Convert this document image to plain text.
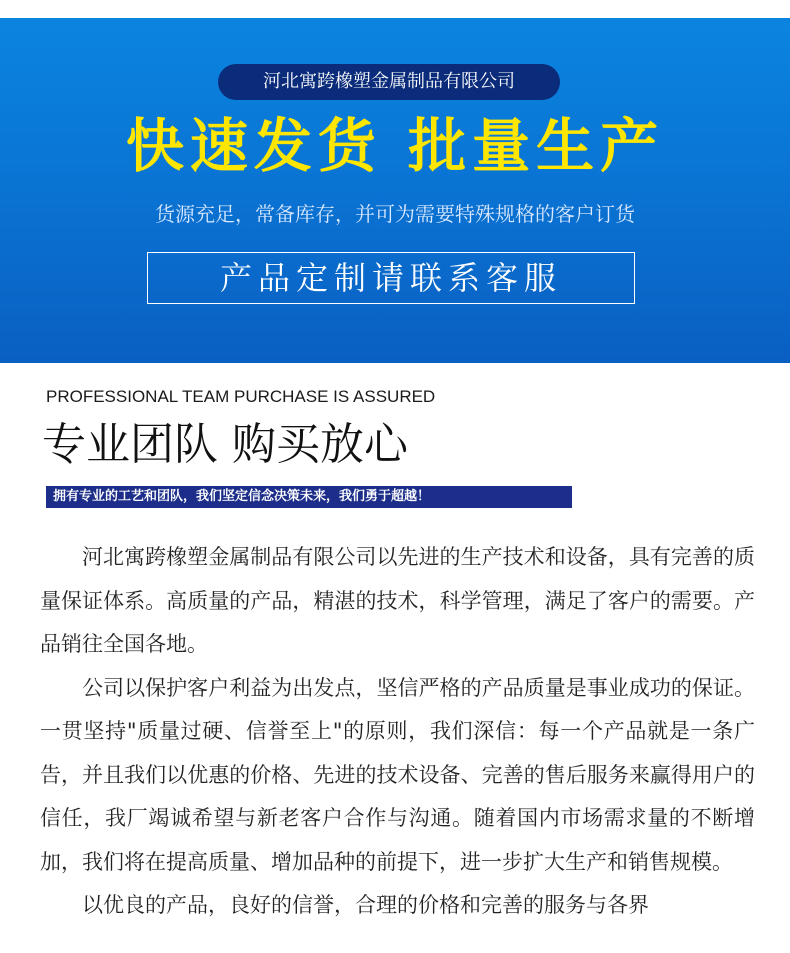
河北寓跨橡塑金属制品有限公司
快速发货 批量生产
货源充足，常备库存，并可为需要特殊规格的客户订货
产品定制请联系客服
PROFESSIONAL TEAM PURCHASE IS ASSURED
专业团队 购买放心
拥有专业的工艺和团队，我们坚定信念决策未来，我们勇于超越！

河北寓跨橡塑金属制品有限公司以先进的生产技术和设备，具有完善的质量保证体系。高质量的产品，精湛的技术，科学管理，满足了客户的需要。产品销往全国各地。

公司以保护客户利益为出发点，坚信严格的产品质量是事业成功的保证。一贯坚持"质量过硬、信誉至上"的原则，我们深信：每一个产品就是一条广告，并且我们以优惠的价格、先进的技术设备、完善的售后服务来赢得用户的信任，我厂竭诚希望与新老客户合作与沟通。随着国内市场需求量的不断增加，我们将在提高质量、增加品种的前提下，进一步扩大生产和销售规模。

以优良的产品，良好的信誉，合理的价格和完善的服务与各界
